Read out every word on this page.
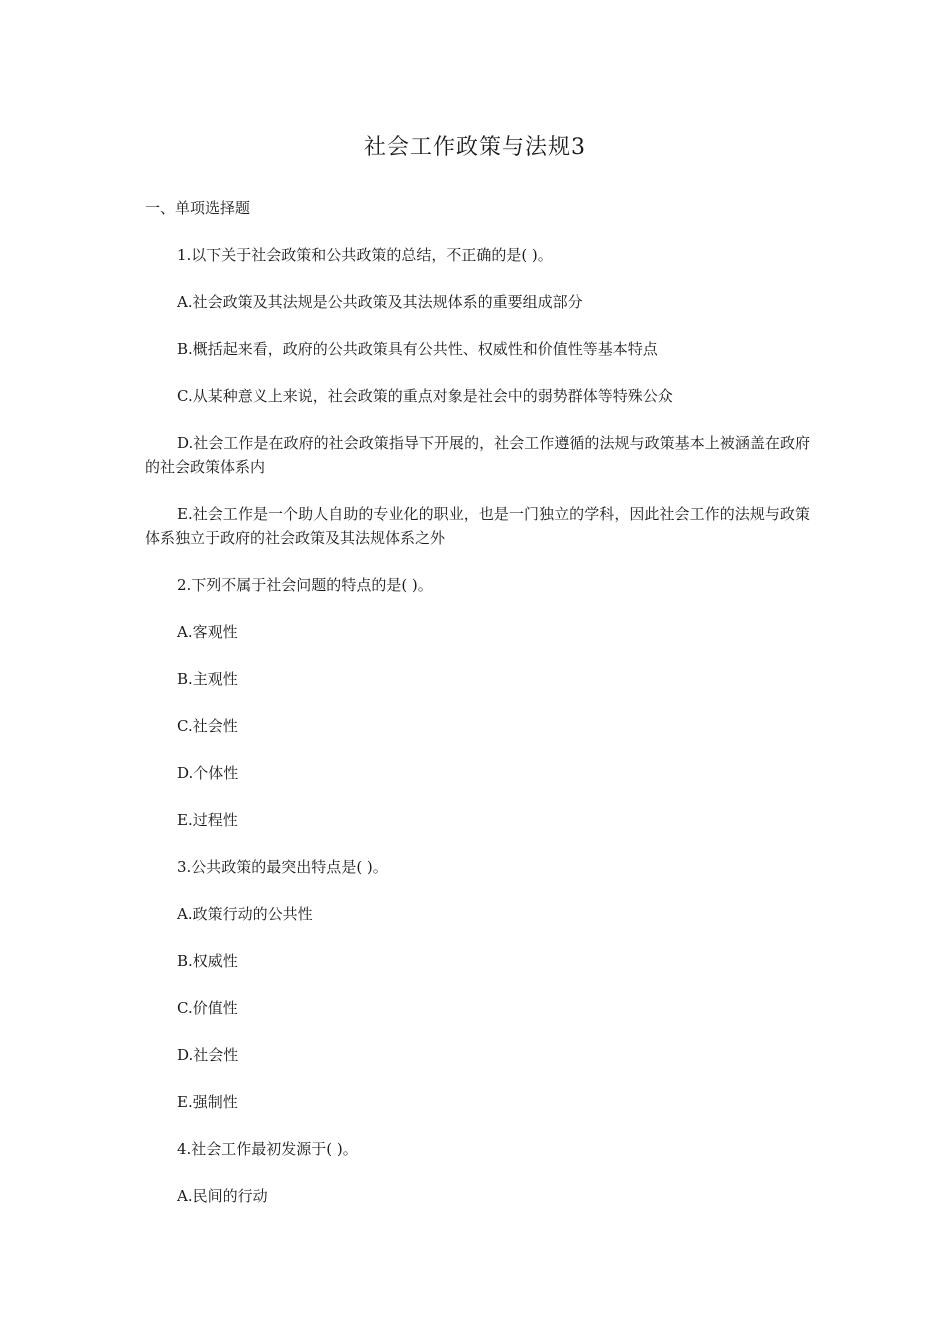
社会工作政策与法规3

一、单项选择题

1.以下关于社会政策和公共政策的总结，不正确的是( )。

A.社会政策及其法规是公共政策及其法规体系的重要组成部分

B.概括起来看，政府的公共政策具有公共性、权威性和价值性等基本特点

C.从某种意义上来说，社会政策的重点对象是社会中的弱势群体等特殊公众

D.社会工作是在政府的社会政策指导下开展的，社会工作遵循的法规与政策基本上被涵盖在政府的社会政策体系内

E.社会工作是一个助人自助的专业化的职业，也是一门独立的学科，因此社会工作的法规与政策体系独立于政府的社会政策及其法规体系之外

2.下列不属于社会问题的特点的是( )。

A.客观性

B.主观性

C.社会性

D.个体性

E.过程性

3.公共政策的最突出特点是( )。

A.政策行动的公共性

B.权威性

C.价值性

D.社会性

E.强制性

4.社会工作最初发源于( )。

A.民间的行动
